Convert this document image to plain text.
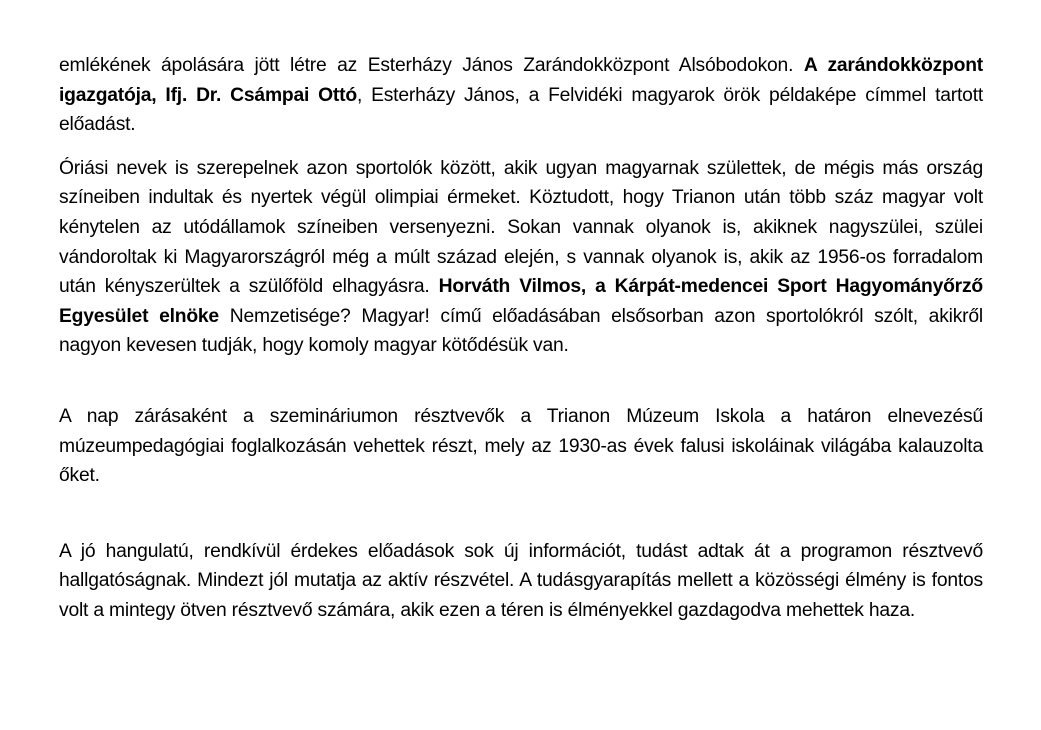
emlékének ápolására jött létre az Esterházy János Zarándokközpont Alsóbodokon. A zarándokközpont igazgatója, Ifj. Dr. Csámpai Ottó, Esterházy János, a Felvidéki magyarok örök példaképe címmel tartott előadást.

Óriási nevek is szerepelnek azon sportolók között, akik ugyan magyarnak születtek, de mégis más ország színeiben indultak és nyertek végül olimpiai érmeket. Köztudott, hogy Trianon után több száz magyar volt kénytelen az utódállamok színeiben versenyezni. Sokan vannak olyanok is, akiknek nagyszülei, szülei vándoroltak ki Magyarországról még a múlt század elején, s vannak olyanok is, akik az 1956-os forradalom után kényszerültek a szülőföld elhagyásra. Horváth Vilmos, a Kárpát-medencei Sport Hagyományőrző Egyesület elnöke Nemzetisége? Magyar! című előadásában elsősorban azon sportolókról szólt, akikről nagyon kevesen tudják, hogy komoly magyar kötődésük van.

A nap zárásaként a szemináriumon résztvevők a Trianon Múzeum Iskola a határon elnevezésű múzeumpedagógiai foglalkozásán vehettek részt, mely az 1930-as évek falusi iskoláinak világába kalauzolta őket.

A jó hangulatú, rendkívül érdekes előadások sok új információt, tudást adtak át a programon résztvevő hallgatóságnak. Mindezt jól mutatja az aktív részvétel. A tudásgyarapítás mellett a közösségi élmény is fontos volt a mintegy ötven résztvevő számára, akik ezen a téren is élményekkel gazdagodva mehettek haza.
